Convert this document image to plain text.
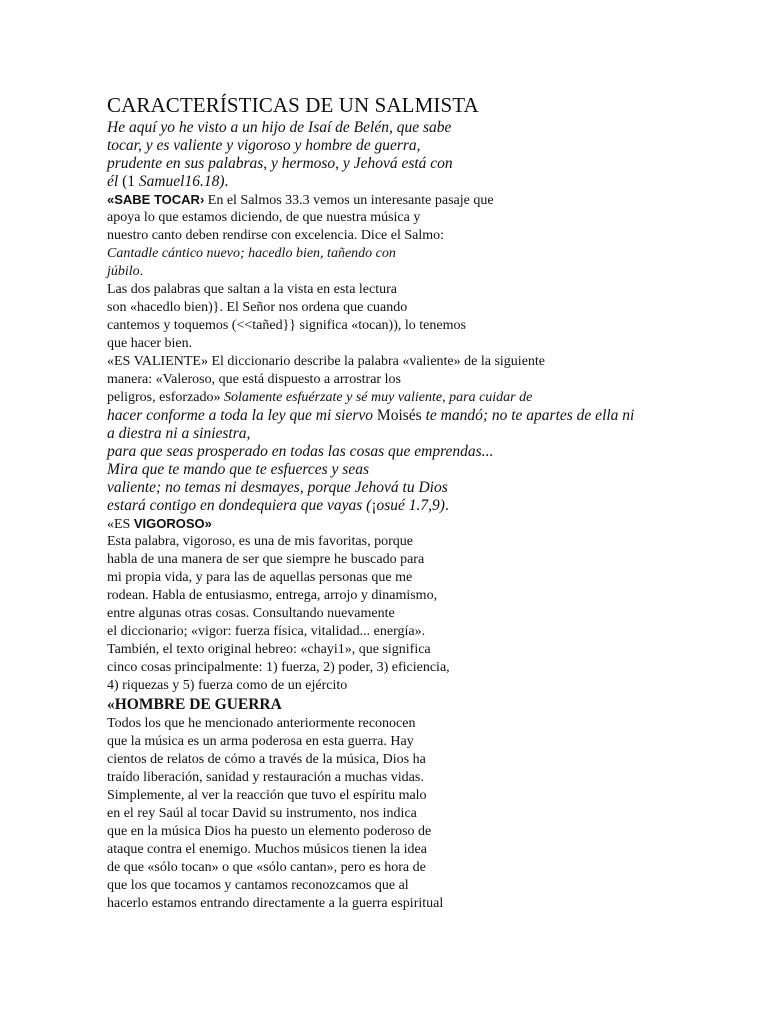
CARACTERÍSTICAS DE UN SALMISTA
He aquí yo he visto a un hijo de Isaí de Belén, que sabe
tocar, y es valiente y vigoroso y hombre de guerra,
prudente en sus palabras, y hermoso, y Jehová está con
él (1 Samuel16.18).
«SABE TOCAR› En el Salmos 33.3 vemos un interesante pasaje que
apoya lo que estamos diciendo, de que nuestra música y
nuestro canto deben rendirse con excelencia. Dice el Salmo:
Cantadle cántico nuevo; hacedlo bien, tañendo con
júbilo.
Las dos palabras que saltan a la vista en esta lectura
son «hacedlo bien)}. El Señor nos ordena que cuando
cantemos y toquemos (<<tañed}} significa «tocan)), lo tenemos
que hacer bien.
«ES VALIENTE» El diccionario describe la palabra «valiente» de la siguiente
manera: «Valeroso, que está dispuesto a arrostrar los
peligros, esforzado» Solamente esfuérzate y sé muy valiente, para cuidar de
hacer conforme a toda la ley que mi siervo Moisés te mandó; no te apartes de ella ni
a diestra ni a siniestra,
para que seas prosperado en todas las cosas que emprendas...
Mira que te mando que te esfuerces y seas
valiente; no temas ni desmayes, porque Jehová tu Dios
estará contigo en dondequiera que vayas (¡osué 1.7,9).
«ES VIGOROSO»
Esta palabra, vigoroso, es una de mis favoritas, porque
habla de una manera de ser que siempre he buscado para
mi propia vida, y para las de aquellas personas que me
rodean. Habla de entusiasmo, entrega, arrojo y dinamismo,
entre algunas otras cosas. Consultando nuevamente
el diccionario; «vigor: fuerza física, vitalidad... energía».
También, el texto original hebreo: «chayi1», que significa
cinco cosas principalmente: 1) fuerza, 2) poder, 3) eficiencia,
4) riquezas y 5) fuerza como de un ejército
«HOMBRE DE GUERRA
Todos los que he mencionado anteriormente reconocen
que la música es un arma poderosa en esta guerra. Hay
cientos de relatos de cómo a través de la música, Dios ha
traído liberación, sanidad y restauración a muchas vidas.
Simplemente, al ver la reacción que tuvo el espíritu malo
en el rey Saúl al tocar David su instrumento, nos indica
que en la música Dios ha puesto un elemento poderoso de
ataque contra el enemigo. Muchos músicos tienen la idea
de que «sólo tocan» o que «sólo cantan», pero es hora de
que los que tocamos y cantamos reconozcamos que al
hacerlo estamos entrando directamente a la guerra espiritual
